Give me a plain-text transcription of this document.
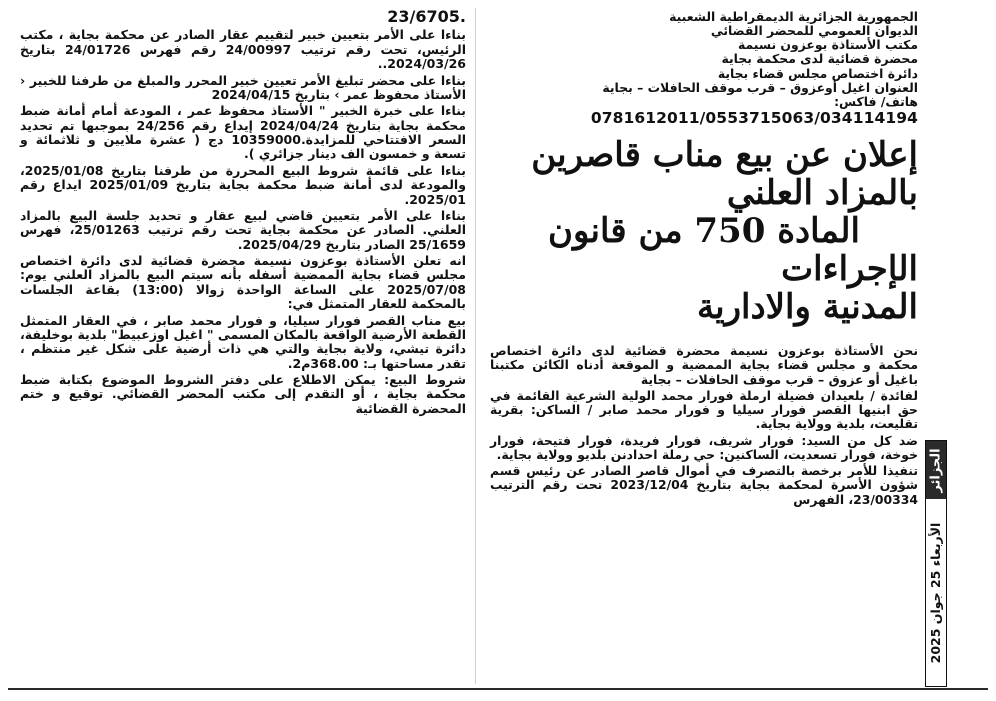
23/6705.
بناءا على الأمر بتعيين خبير لتقييم عقار الصادر عن محكمة بجاية ، مكتب الرئيس، تحت رقم ترتيب 24/00997 رقم فهرس 24/01726 بتاريخ 2024/03/26..
بناءا على محضر تبليغ الأمر تعيين خبير المحرر والمبلغ من طرفنا للخبير ‹ الأستاذ محفوظ عمر › بتاريخ 2024/04/15
بناءا على خبرة الخبير " الأستاذ محفوظ عمر ، المودعة أمام أمانة ضبط محكمة بجاية بتاريخ 2024/04/24 إيداع رقم 24/256 بموجبها تم تحديد السعر الافتتاحي للمزايدة.10359000 دج ( عشرة ملايين و ثلاثمائة و تسعة و خمسون الف دينار جزائري ).
بناءا على قائمة شروط البيع المحررة من طرفنا بتاريخ 2025/01/08، والمودعة لدى أمانة ضبط محكمة بجاية بتاريخ 2025/01/09 ايداع رقم 2025/01.
بناءا على الأمر بتعيين قاضي لبيع عقار و تحديد جلسة البيع بالمزاد العلني. الصادر عن محكمة بجاية تحت رقم ترتيب 25/01263، فهرس 25/1659 الصادر بتاريخ 2025/04/29.
انه تعلن الأستاذة بوعزون نسيمة محضرة قضائية لدى دائرة اختصاص مجلس قضاء بجاية الممضية أسفله بأنه سيتم البيع بالمزاد العلني يوم: 2025/07/08 على الساعة الواحدة زوالا (13:00) بقاعة الجلسات بالمحكمة للعقار المتمثل في:
بيع مناب القصر فورار سيليا، و فورار محمد صابر ، في العقار المتمثل القطعة الأرضية الواقعة بالمكان المسمى " اغيل اوزعبيط" بلدية بوخليفة، دائرة تيشي، ولاية بجاية والتي هي ذات أرضية على شكل غير منتظم ، تقدر مساحتها بـ: 368.00م2.
شروط البيع: يمكن الاطلاع على دفتر الشروط الموضوع بكتابة ضبط محكمة بجاية ، أو التقدم إلى مكتب المحضر القضائي. توقيع و ختم المحضرة القضائية
الجمهورية الجزائرية الديمقراطية الشعبية
الديوان العمومي للمحضر القضائي
مكتب الأستاذة بوعزون نسيمة
محضرة قضائية لدى محكمة بجاية
دائرة اختصاص مجلس قضاء بجاية
العنوان اغيل أوعزوق – قرب موقف الحافلات – بجاية
هاتف/ فاكس:
0781612011/0553715063/034114194
إعلان عن بيع مناب قاصرين
بالمزاد العلني
المادة 750 من قانون الإجراءات
المدنية والادارية
نحن الأستاذة بوعزون نسيمة محضرة قضائية لدى دائرة اختصاص محكمة و مجلس قضاء بجاية الممضية و الموقعة أدناه الكائن مكتبنا باغيل أو عزوق – قرب موقف الحافلات – بجاية
لفائدة / بلعيدان فضيلة ارملة فورار محمد الولية الشرعية القائمة في حق ابنيها القصر فورار سيليا و فورار محمد صابر / الساكن: بقرية تقليعت، بلدية وولاية بجاية.
ضد كل من السيد: فورار شريف، فورار فريدة، فورار فتيحة، فورار خوخة، فورار تسعديت، الساكنين: حي رملة احدادنن بلديو وولاية بجاية.
تنفيذا للأمر برخصة بالتصرف في أموال قاصر الصادر عن رئيس قسم شؤون الأسرة لمحكمة بجاية بتاريخ 2023/12/04 تحت رقم الترتيب 23/00334، الفهرس
الجزائر
الأربعاء 25 جوان 2025
